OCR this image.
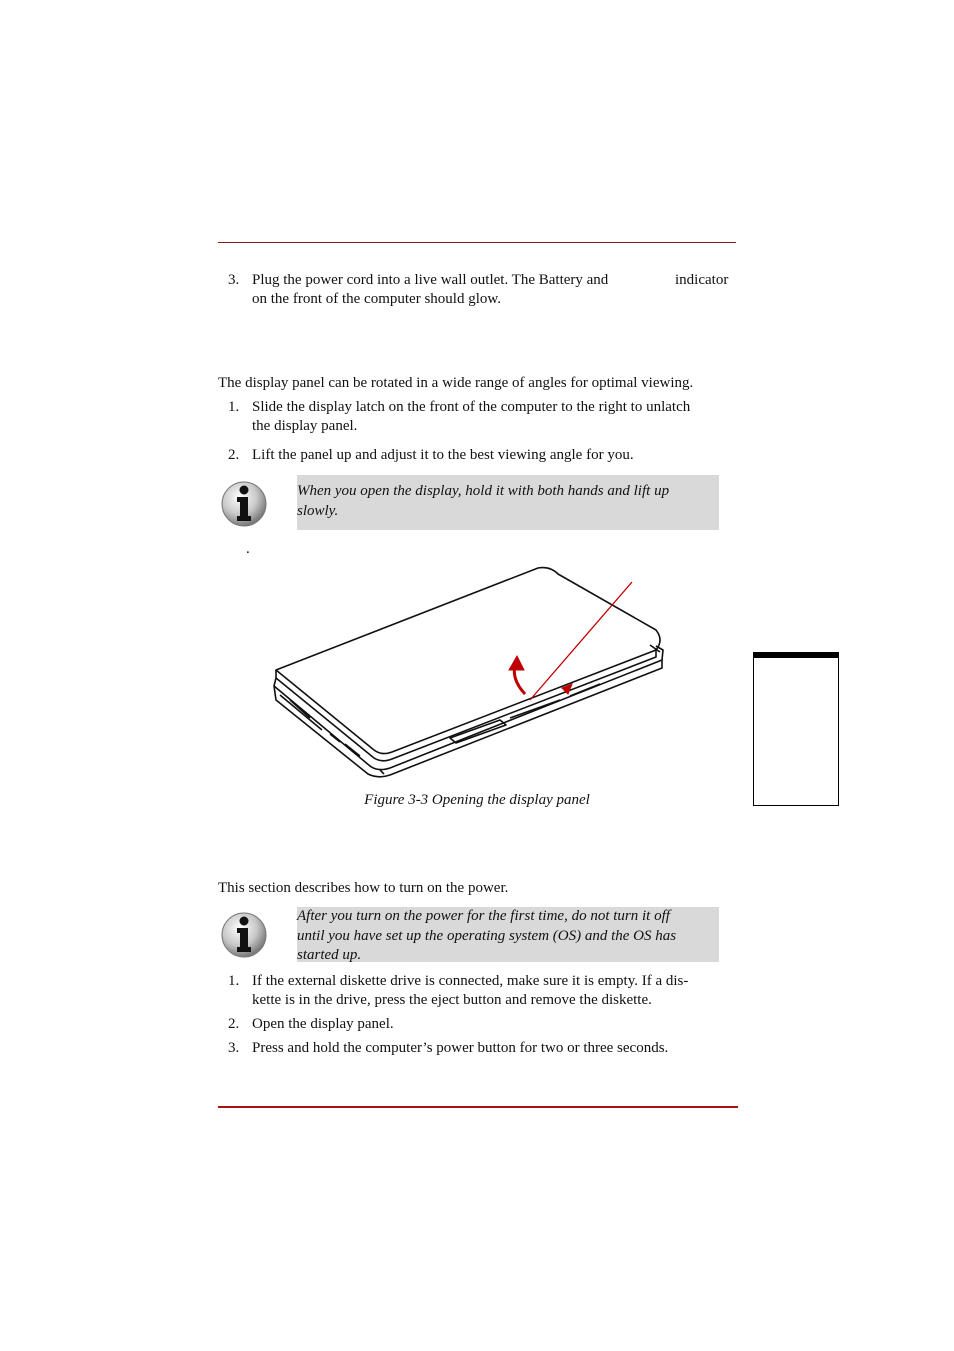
3. Plug the power cord into a live wall outlet. The Battery and	indicator
on the front of the computer should glow.
The display panel can be rotated in a wide range of angles for optimal viewing.
1. Slide the display latch on the front of the computer to the right to unlatch
the display panel.
2. Lift the panel up and adjust it to the best viewing angle for you.
When you open the display, hold it with both hands and lift up
slowly.
.
Figure 3-3 Opening the display panel
This section describes how to turn on the power.
After you turn on the power for the first time, do not turn it off
until you have set up the operating system (OS) and the OS has
started up.
1. If the external diskette drive is connected, make sure it is empty. If a dis-
kette is in the drive, press the eject button and remove the diskette.
2. Open the display panel.
3. Press and hold the computer’s power button for two or three seconds.
